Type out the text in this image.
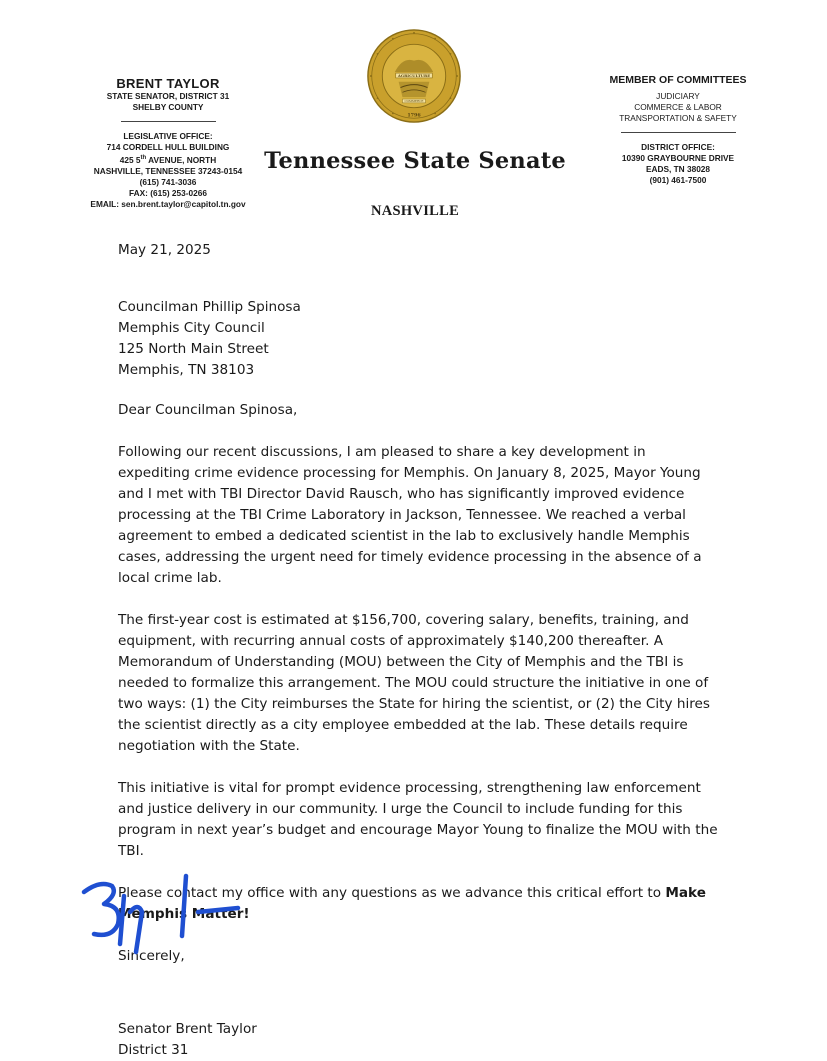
BRENT TAYLOR
STATE SENATOR, DISTRICT 31
SHELBY COUNTY
LEGISLATIVE OFFICE:
714 CORDELL HULL BUILDING
425 5th AVENUE, NORTH
NASHVILLE, TENNESSEE 37243-0154
(615) 741-3036
FAX: (615) 253-0266
EMAIL: sen.brent.taylor@capitol.tn.gov
AGRICULTURE
COMMERCE
1796
Tennessee State Senate
NASHVILLE
MEMBER OF COMMITTEES
JUDICIARY
COMMERCE & LABOR
TRANSPORTATION & SAFETY
DISTRICT OFFICE:
10390 GRAYBOURNE DRIVE
EADS, TN 38028
(901) 461-7500

May 21, 2025

Councilman Phillip Spinosa

Memphis City Council

125 North Main Street

Memphis, TN 38103

Dear Councilman Spinosa,

Following our recent discussions, I am pleased to share a key development in expediting crime evidence processing for Memphis. On January 8, 2025, Mayor Young and I met with TBI Director David Rausch, who has significantly improved evidence processing at the TBI Crime Laboratory in Jackson, Tennessee. We reached a verbal agreement to embed a dedicated scientist in the lab to exclusively handle Memphis cases, addressing the urgent need for timely evidence processing in the absence of a local crime lab.

The first-year cost is estimated at $156,700, covering salary, benefits, training, and equipment, with recurring annual costs of approximately $140,200 thereafter. A Memorandum of Understanding (MOU) between the City of Memphis and the TBI is needed to formalize this arrangement. The MOU could structure the initiative in one of two ways: (1) the City reimburses the State for hiring the scientist, or (2) the City hires the scientist directly as a city employee embedded at the lab. These details require negotiation with the State.

This initiative is vital for prompt evidence processing, strengthening law enforcement and justice delivery in our community. I urge the Council to include funding for this program in next year’s budget and encourage Mayor Young to finalize the MOU with the TBI.

Please contact my office with any questions as we advance this critical effort to Make Memphis Matter!

Sincerely,

Senator Brent Taylor

District 31
